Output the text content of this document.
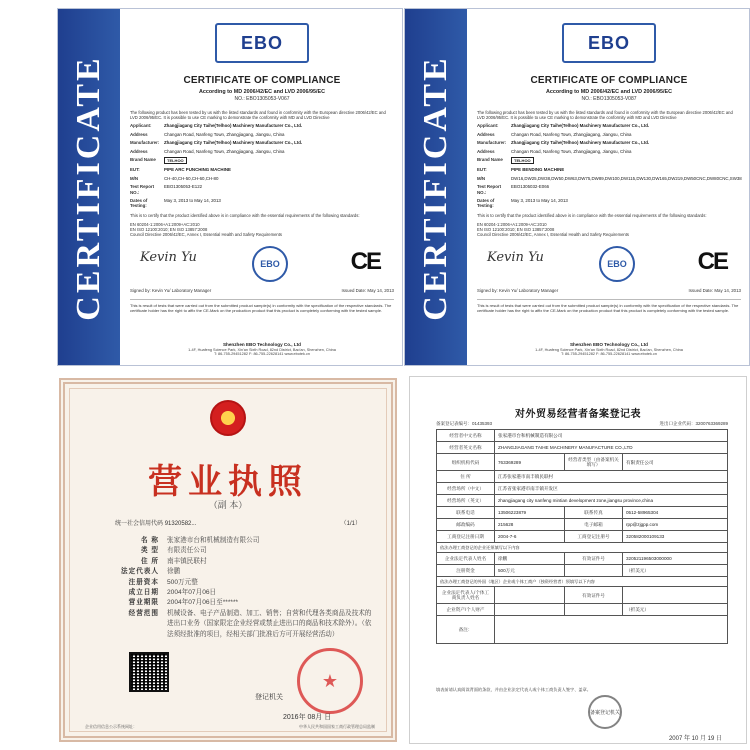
CERTIFICATE
EBO
CERTIFICATE OF COMPLIANCE
According to MD 2006/42/EC and LVD 2006/95/EC
NO.: EBO1305053-V067
The following product has been tested by us with the listed standards and found in conformity with the European directive 2006/42/EC and LVD 2006/95/EC. It is possible to use CE marking to demonstrate the conformity with MD and LVD Directive
Applicant:	Zhangjiagang City Taihe(Telhoo) Machinery Manufacturer Co., Ltd.
Address	Changan Road, Nanfeng Town, Zhangjiagang, Jiangsu, China
Manufacturer:	Zhangjiagang City Taihe(Telhoo) Machinery Manufacturer Co., Ltd.
Address	Changan Road, Nanfeng Town, Zhangjiagang, Jiangsu, China
Brand Name	TELHOO
EUT:	PIPE ARC PUNCHING MACHINE
M/N	CH-40,CH-50,CH-60,CH-80
Test Report NO.:
EBO1305053-E122
Dates of Testing:
May 3, 2013 to May 14, 2013
This is to certify that the product identified above is in compliance with the essential requirements of the following standards:
EN 60204-1:2006+A1:2009+AC:2010
EN ISO 12100:2010; EN ISO 13857:2008
Council Directive 2006/42/EC, Annex I, Essential Health and Safety Requirements
Kevin Yu	EBO	CE
Signed by: Kevin Yu/ Laboratory Manager	Issued Date: May 14, 2013
This is result of tests that were carried out from the submitted product sample(s) in conformity with the specification of the respective standards. The certificate holder has the right to affix the CE-Mark on the production product that this product is completely conforming with the tested sample.
Shenzhen EBO Technology Co., Ltd
1-4F, Huafeng Science Park, Xin'an Sixth Road, 82nd District, Bao'an, Shenzhen, China
T: 86-755-29451282 F: 86-755-22628141 www.ebotek.cn
CERTIFICATE
EBO
CERTIFICATE OF COMPLIANCE
According to MD 2006/42/EC and LVD 2006/95/EC
NO.: EBO1305053-V087
The following product has been tested by us with the listed standards and found in conformity with the European directive 2006/42/EC and LVD 2006/95/EC. It is possible to use CE marking to demonstrate the conformity with MD and LVD Directive
Applicant:	Zhangjiagang City Taihe(Telhoo) Machinery Manufacturer Co., Ltd.
Address	Changan Road, Nanfeng Town, Zhangjiagang, Jiangsu, China
Manufacturer:	Zhangjiagang City Taihe(Telhoo) Machinery Manufacturer Co., Ltd.
Address	Changan Road, Nanfeng Town, Zhangjiagang, Jiangsu, China
Brand Name	TELHOO
EUT:	PIPE BENDING MACHINE
M/N	DW16,DW25,DW38,DW50,DW63,DW75,DW89,DW100,DW115,DW130,DW165,DW219,DW50CNC,DW80CNC,SW38
Test Report NO.:
EBO1305032-E066
Dates of Testing:
May 3, 2013 to May 14, 2013
This is to certify that the product identified above is in compliance with the essential requirements of the following standards:
EN 60204-1:2006+A1:2009+AC:2010
EN ISO 12100:2010; EN ISO 13857:2008
Council Directive 2006/42/EC, Annex I, Essential Health and Safety Requirements
Kevin Yu	EBO	CE
Signed by: Kevin Yu/ Laboratory Manager	Issued Date: May 14, 2013
This is result of tests that were carried out from the submitted product sample(s) in conformity with the specification of the respective standards. The certificate holder has the right to affix the CE-Mark on the production product that this product is completely conforming with the tested sample.
Shenzhen EBO Technology Co., Ltd
1-4F, Huafeng Science Park, Xin'an Sixth Road, 82nd District, Bao'an, Shenzhen, China
T: 86-755-29451282 F: 86-755-22628141 www.ebotek.cn
营业执照
（副 本）
统一社会信用代码 91320582...	（1/1）
名 称	张家港市台和机械制造有限公司
类 型	有限责任公司
住 所	南丰镇民联村
法定代表人	徐鹏
注册资本	500万元整
成立日期	2004年07月06日
营业期限	2004年07月06日至******
经营范围	机械设备、电子产品制造、加工、销售；自营和代理各类商品及技术的进出口业务（国家限定企业经营或禁止进出口的商品和技术除外）。（依法须经批准的项目，经相关部门批准后方可开展经营活动）
★
登记机关
2016年 08月 日
企业信用信息公示系统网址：	中华人民共和国国家工商行政管理总局监制
对外贸易经营者备案登记表
备案登记表编号：01435393	进出口企业代码：3200763369289
经营者中文名称	张家港市台和机械制造有限公司		
经营者英文名称	ZHANGJIAGANG TAIHE MACHINERY MANUFACTURE CO.,LTD		
组织机构代码	763369289	经营者类型（由备案机关填写）	有限责任公司
住 所	江苏张家港市南丰镇民联村		
经营场所（中文）	江苏省张家港市南丰镇开发区		
经营场所（英文）	zhangjiagang city nanfeng mintian development zone,jiangsu province,china		
联系电话	13506223879	联系传真	0512-58965304
邮政编码	215628	电子邮箱	rpp@zjgpp.com
工商登记注册日期	2004-7-6	工商登记注册号	320582000109133
依法办理工商登记的企业还须填写以下内容			
企业法定代表人姓名	徐鹏	有效证件号	320521196503000000
注册资金	500万元		（折美元）
依法办理工商登记的外国（地区）企业或个体工商户（独资经营者）须填写以下内容			
企业法定代表人/个体工商负责人姓名		有效证件号	
企业资产/个人财产			（折美元）
备注：			
填表前请认真阅读背面的条款，并由企业法定代表人或个体工商负责人签字、盖章。
备案登记机关
2007 年 10 月 19 日
